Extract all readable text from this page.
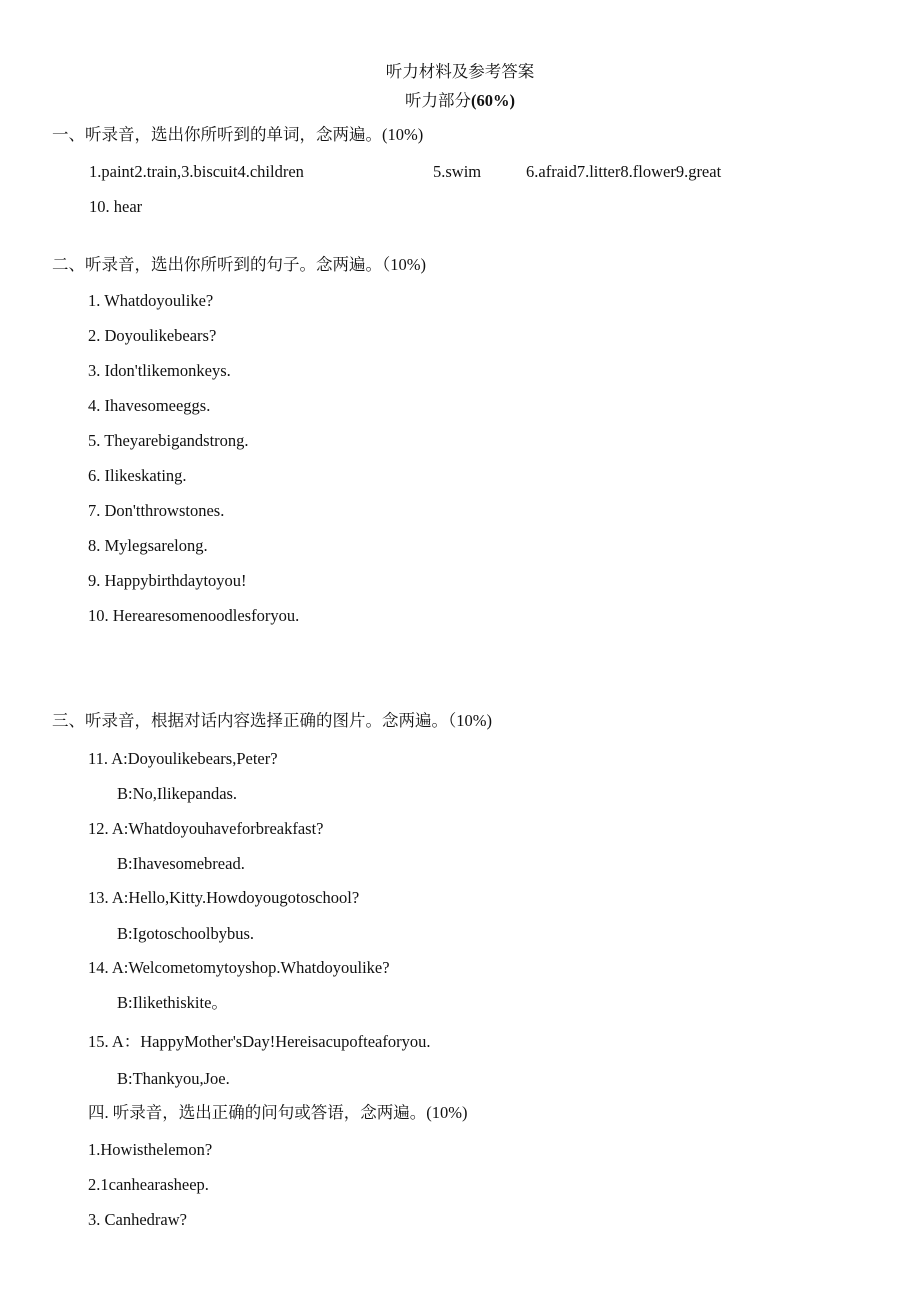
听力材料及参考答案
听力部分(60%)
一、听录音，选出你所听到的单词，念两遍。(10%)
1.paint2.train,3.biscuit4.children	5.swim	6.afraid7.litter8.flower9.great
10. hear
二、听录音，选出你所听到的句子。念两遍。（10%)
1. Whatdoyoulike?
2. Doyoulikebears?
3. Idon'tlikemonkeys.
4. Ihavesomeeggs.
5. Theyarebigandstrong.
6. Ilikeskating.
7. Don'tthrowstones.
8. Mylegsarelong.
9. Happybirthdaytoyou!
10. Herearesomenoodlesforyou.
三、听录音，根据对话内容选择正确的图片。念两遍。（10%)
11. A:Doyoulikebears,Peter?
B:No,Ilikepandas.
12. A:Whatdoyouhaveforbreakfast?
B:Ihavesomebread.
13. A:Hello,Kitty.Howdoyougotoschool?
B:Igotoschoolbybus.
14. A:Welcometomytoyshop.Whatdoyoulike?
B:Ilikethiskite。
15. A：HappyMother'sDay!Hereisacupofteaforyou.
B:Thankyou,Joe.
四. 听录音，选出正确的问句或答语，念两遍。(10%)
1.Howisthelemon?
2.1canhearasheep.
3. Canhedraw?
